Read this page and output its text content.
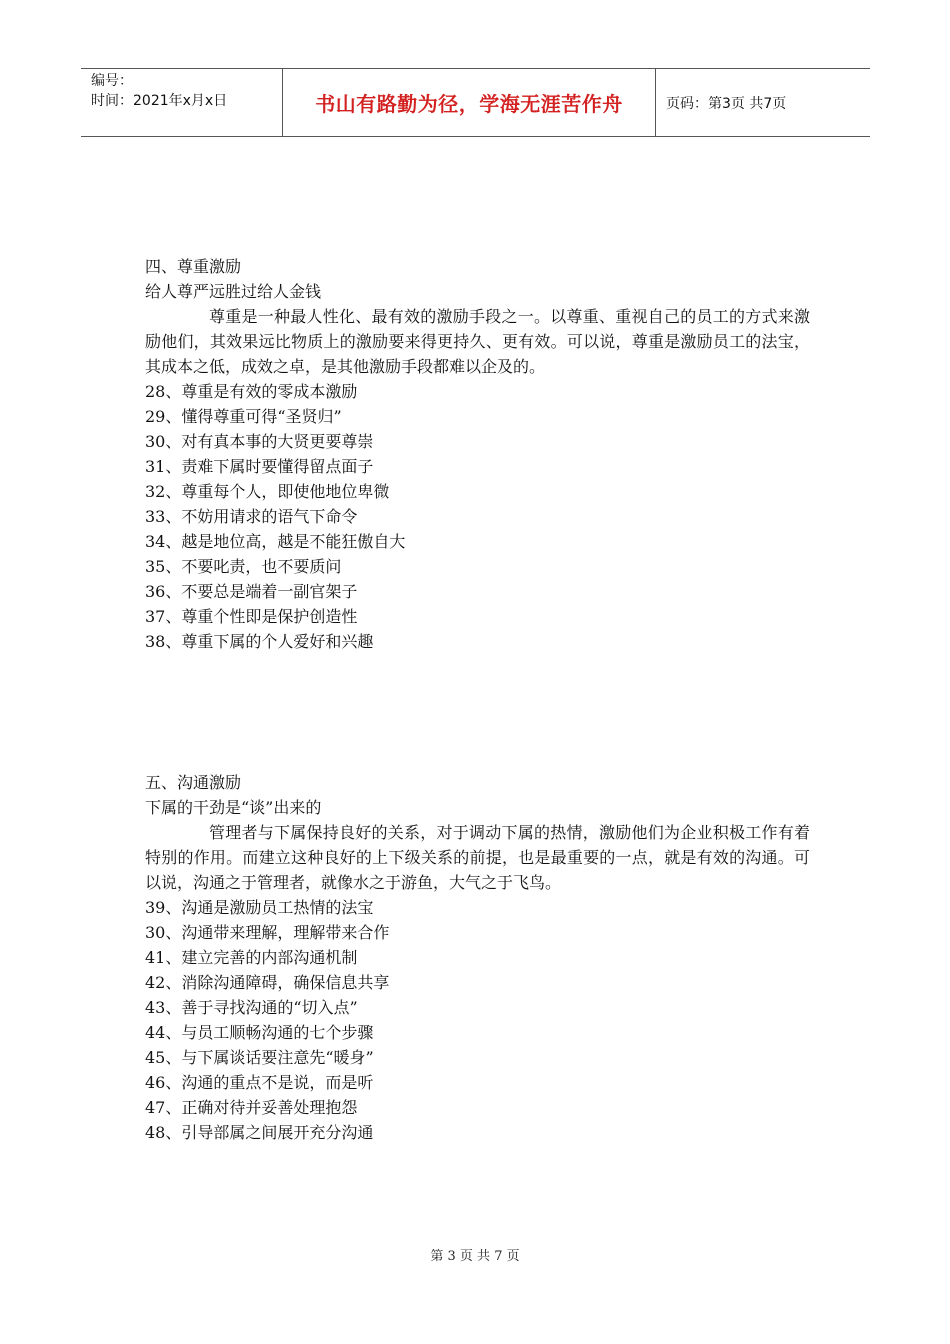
编号：
时间：2021年x月x日	书山有路勤为径，学海无涯苦作舟	页码：第3页 共7页
四、尊重激励
给人尊严远胜过给人金钱
尊重是一种最人性化、最有效的激励手段之一。以尊重、重视自己的员工的方式来激励他们，其效果远比物质上的激励要来得更持久、更有效。可以说，尊重是激励员工的法宝，其成本之低，成效之卓，是其他激励手段都难以企及的。
28、尊重是有效的零成本激励
29、懂得尊重可得“圣贤归”
30、对有真本事的大贤更要尊崇
31、责难下属时要懂得留点面子
32、尊重每个人，即使他地位卑微
33、不妨用请求的语气下命令
34、越是地位高，越是不能狂傲自大
35、不要叱责，也不要质问
36、不要总是端着一副官架子
37、尊重个性即是保护创造性
38、尊重下属的个人爱好和兴趣
五、沟通激励
下属的干劲是“谈”出来的
管理者与下属保持良好的关系，对于调动下属的热情，激励他们为企业积极工作有着特别的作用。而建立这种良好的上下级关系的前提，也是最重要的一点，就是有效的沟通。可以说，沟通之于管理者，就像水之于游鱼，大气之于飞鸟。
39、沟通是激励员工热情的法宝
30、沟通带来理解，理解带来合作
41、建立完善的内部沟通机制
42、消除沟通障碍，确保信息共享
43、善于寻找沟通的“切入点”
44、与员工顺畅沟通的七个步骤
45、与下属谈话要注意先“暖身”
46、沟通的重点不是说，而是听
47、正确对待并妥善处理抱怨
48、引导部属之间展开充分沟通
第 3 页 共 7 页
